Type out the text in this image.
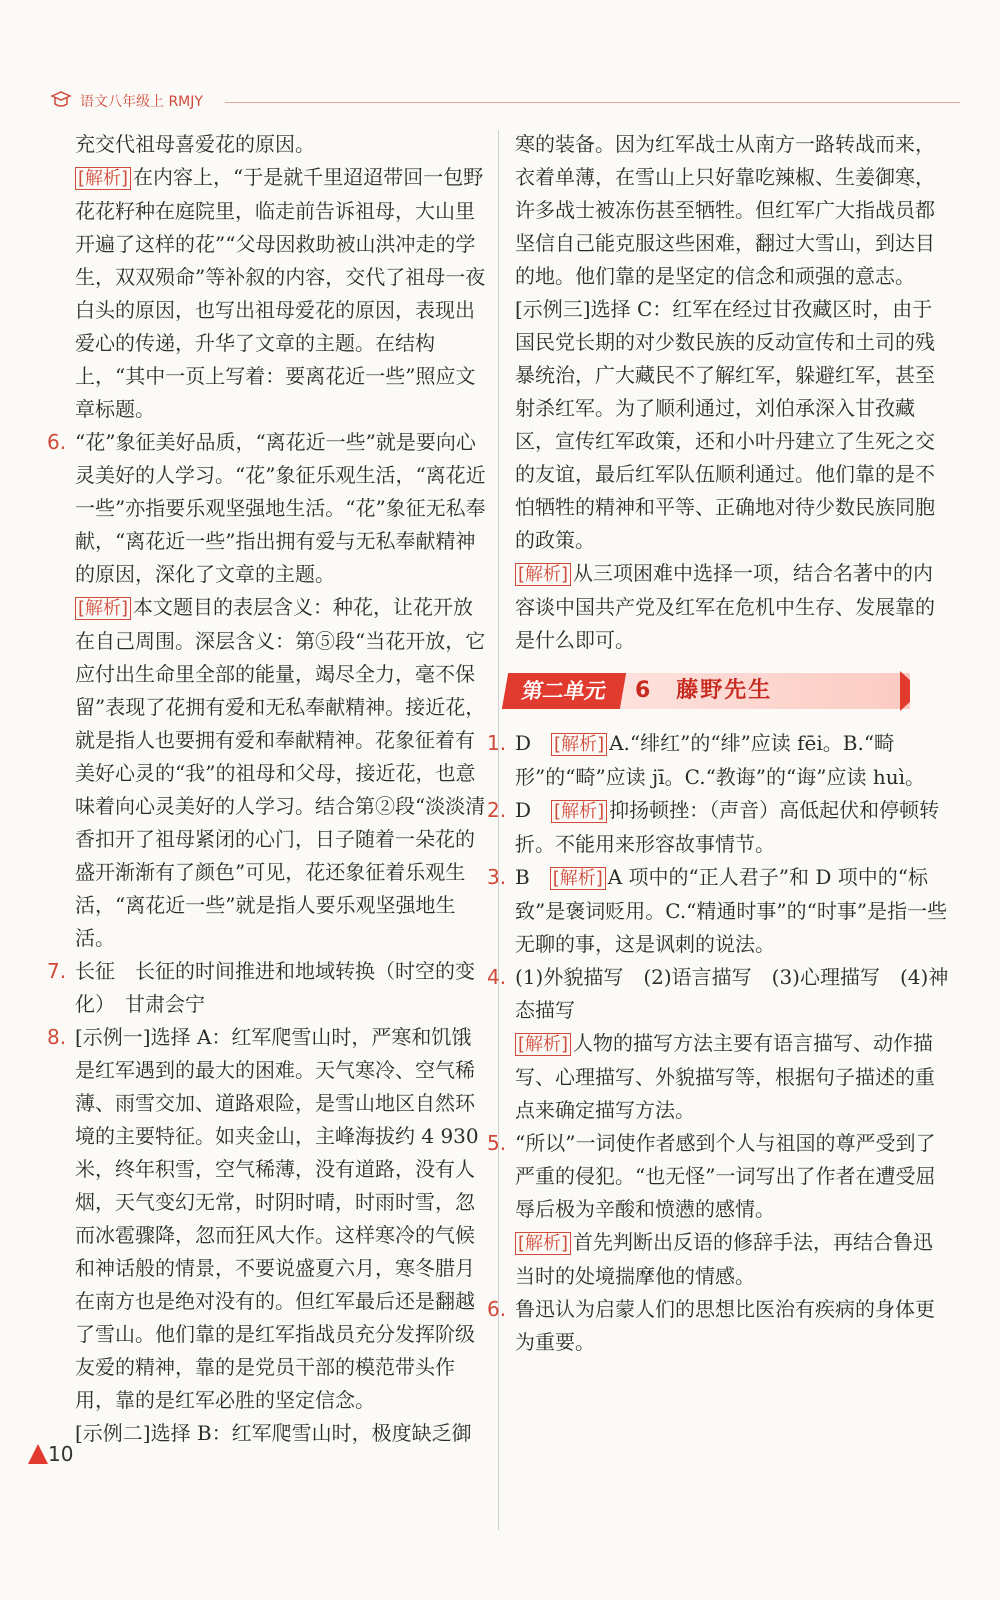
语文八年级上 RMJY
充交代祖母喜爱花的原因。
[解析] 在内容上，“于是就千里迢迢带回一包野花花籽种在庭院里，临走前告诉祖母，大山里开遍了这样的花”“父母因救助被山洪冲走的学生，双双殒命”等补叙的内容，交代了祖母一夜白头的原因，也写出祖母爱花的原因，表现出爱心的传递，升华了文章的主题。在结构上，“其中一页上写着：要离花近一些”照应文章标题。
6. “花”象征美好品质，“离花近一些”就是要向心灵美好的人学习。“花”象征乐观生活，“离花近一些”亦指要乐观坚强地生活。“花”象征无私奉献，“离花近一些”指出拥有爱与无私奉献精神的原因，深化了文章的主题。
[解析] 本文题目的表层含义：种花，让花开放在自己周围。深层含义：第⑤段“当花开放，它应付出生命里全部的能量，竭尽全力，毫不保留”表现了花拥有爱和无私奉献精神。接近花，就是指人也要拥有爱和奉献精神。花象征着有美好心灵的“我”的祖母和父母，接近花，也意味着向心灵美好的人学习。结合第②段“淡淡清香扣开了祖母紧闭的心门，日子随着一朵花的盛开渐渐有了颜色”可见，花还象征着乐观生活，“离花近一些”就是指人要乐观坚强地生活。
7. 长征　长征的时间推进和地域转换（时空的变化）　甘肃会宁
8. [示例一]选择 A：红军爬雪山时，严寒和饥饿是红军遇到的最大的困难。天气寒冷、空气稀薄、雨雪交加、道路艰险，是雪山地区自然环境的主要特征。如夹金山，主峰海拔约 4 930 米，终年积雪，空气稀薄，没有道路，没有人烟，天气变幻无常，时阴时晴，时雨时雪，忽而冰雹骤降，忽而狂风大作。这样寒冷的气候和神话般的情景，不要说盛夏六月，寒冬腊月在南方也是绝对没有的。但红军最后还是翻越了雪山。他们靠的是红军指战员充分发挥阶级友爱的精神，靠的是党员干部的模范带头作用，靠的是红军必胜的坚定信念。
[示例二]选择 B：红军爬雪山时，极度缺乏御
寒的装备。因为红军战士从南方一路转战而来，衣着单薄，在雪山上只好靠吃辣椒、生姜御寒，许多战士被冻伤甚至牺牲。但红军广大指战员都坚信自己能克服这些困难，翻过大雪山，到达目的地。他们靠的是坚定的信念和顽强的意志。
[示例三]选择 C：红军在经过甘孜藏区时，由于国民党长期的对少数民族的反动宣传和土司的残暴统治，广大藏民不了解红军，躲避红军，甚至射杀红军。为了顺利通过，刘伯承深入甘孜藏区，宣传红军政策，还和小叶丹建立了生死之交的友谊，最后红军队伍顺利通过。他们靠的是不怕牺牲的精神和平等、正确地对待少数民族同胞的政策。
[解析] 从三项困难中选择一项，结合名著中的内容谈中国共产党及红军在危机中生存、发展靠的是什么即可。
第二单元	6　藤野先生
1. D　[解析] A.“绯红”的“绯”应读 fēi。B.“畸形”的“畸”应读 jī。C.“教诲”的“诲”应读 huì。
2. D　[解析] 抑扬顿挫：（声音）高低起伏和停顿转折。不能用来形容故事情节。
3. B　[解析] A 项中的“正人君子”和 D 项中的“标致”是褒词贬用。C.“精通时事”的“时事”是指一些无聊的事，这是讽刺的说法。
4. (1)外貌描写　(2)语言描写　(3)心理描写　(4)神态描写
[解析] 人物的描写方法主要有语言描写、动作描写、心理描写、外貌描写等，根据句子描述的重点来确定描写方法。
5. “所以”一词使作者感到个人与祖国的尊严受到了严重的侵犯。“也无怪”一词写出了作者在遭受屈辱后极为辛酸和愤懑的感情。
[解析] 首先判断出反语的修辞手法，再结合鲁迅当时的处境揣摩他的情感。
6. 鲁迅认为启蒙人们的思想比医治有疾病的身体更为重要。
10
